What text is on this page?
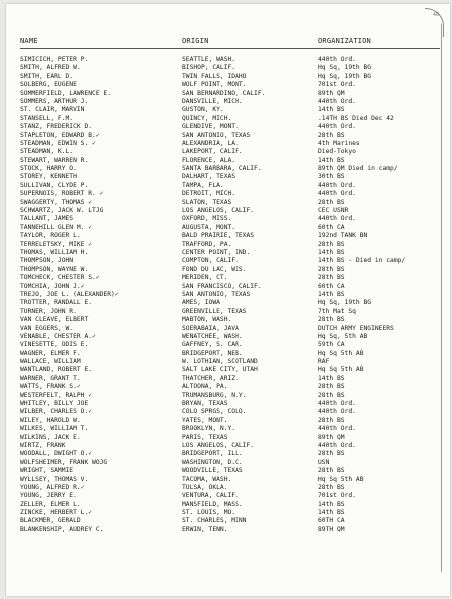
40
NAME	ORIGIN	ORGANIZATION
SIMICICH, PETER P.	SEATTLE, WASH.	440th Ord.
SMITH, ALFRED W.	BISHOP, CALIF.	Hq Sq, 19th BG
SMITH, EARL D.	TWIN FALLS, IDAHO	Hq Sq, 19th BG
SOLBERG, EUGENE	WOLF POINT, MONT.	701st Ord.
SOMMERFIELD, LAWRENCE E.	SAN BERNARDINO, CALIF.	89th QM
SOMMERS, ARTHUR J.	DANSVILLE, MICH.	440th Ord.
ST. CLAIR, MARVIN	GUSTON, KY.	14th BS
STANSELL, F.M.	QUINCY, MICH.	.14TH BS Died Dec 42
STANZ, FREDERICK D.	GLENDIVE, MONT.	440th Ord.
STAPLETON, EDWARD B.✓	SAN ANTONIO, TEXAS	28th BS
STEADMAN, EDWIN S. ✓	ALEXANDRIA, LA.	4th Marines
STEADMAN, K.L.	LAKEPORT, CALIF.	Died-Tokyo
STEWART, WARREN R.	FLORENCE, ALA.	14th BS
STOCK, HARRY O.	SANTA BARBARA, CALIF.	89th QM Died in camp/
STOREY, KENNETH	DALHART, TEXAS	30th BS
SULLIVAN, CLYDE P.	TAMPA, FLA.	440th Ord.
SUPERNOIS, ROBERT R. ✓	DETROIT, MICH.	440th Ord.
SWAGGERTY, THOMAS ✓	SLATON, TEXAS	28th BS
SCHWARTZ, JACK W. LTJG	LOS ANGELOS, CALIF.	CEC USNR
TALLANT, JAMES	OXFORD, MISS.	440th Ord.
TANNEHILL GLEN M. ✓	AUGUSTA, MONT.	60th CA
TAYLOR, ROGER L.	BALD PRAIRIE, TEXAS	192nd TANK BN
TERRELETSKY, MIKE ✓	TRAFFORD, PA.	28th BS
THOMAS, WILLIAM H.	CENTER POINT, IND.	14th BS
THOMPSON, JOHN	COMPTON, CALIF.	14th BS - Died in camp/
THOMPSON, WAYNE W.	FOND DU LAC, WIS.	28th BS
TOMCHECK, CHESTER S.✓	MERIDEN, CT.	28th BS
TOMCHIA, JOHN J.✓	SAN FRANCISCO, CALIF.	60th CA
TREJO, JOE L. (ALEXANDER)✓	SAN ANTONIO, TEXAS	14th BS
TROTTER, RANDALL E.	AMES, IOWA	Hq Sq, 19th BG
TURNER, JOHN R.	GREENVILLE, TEXAS	7th Mat Sq
VAN CLEAVE, ELBERT	MABTON, WASH.	28th BS
VAN EGGERS, W.	SOERABAIA, JAVA	DUTCH ARMY ENGINEERS
VENABLE, CHESTER A.✓	WENATCHEE, WASH.	Hq Sq, 5th AB
VINESETTE, ODIS E.	GAFFNEY, S. CAR.	59th CA
WAGNER, ELMER F.	BRIDGEPORT, NEB.	Hq Sq 5th AB
WALLACE, WILLIAM	W. LOTHIAN, SCOTLAND	RAF
WANTLAND, ROBERT E.	SALT LAKE CITY, UTAH	Hq Sq 5th AB
WARNER, GRANT T.	THATCHER, ARIZ.	14th BS
WATTS, FRANK S.✓	ALTOONA, PA.	28th BS
WESTERFELT, RALPH ✓	TRUMANSBURG, N.Y.	28th BS
WHITLEY, BILLY JOE	BRYAN, TEXAS	440th Ord.
WILBER, CHARLES O.✓	COLO SPRGS, COLO.	440th Ord.
WILEY, HAROLD W.	YATES, MONT.	28th BS
WILKES, WILLIAM T.	BROOKLYN, N.Y.	440th Ord.
WILKINS, JACK E.	PARIS, TEXAS	89th QM
WIRTZ, FRANK	LOS ANGELOS, CALIF.	440th Ord.
WOODALL, DWIGHT O.✓	BRIDGEPORT, ILL.	28th BS
WOLFSHEIMER, FRANK WOJG	WASHINGTON, D.C.	USN
WRIGHT, SAMMIE	WOODVILLE, TEXAS	28th BS
WYLLSEY, THOMAS V.	TACOMA, WASH.	Hq Sq 5th AB
YOUNG, ALFRED R.✓	TULSA, OKLA.	28th BS
YOUNG, JERRY E.	VENTURA, CALIF.	701st Ord.
ZELLER, ELMER L.	MANSFIELD, MASS.	14th BS
ZINCKE, HERBERT L.✓	ST. LOUIS, MO.	14th BS
BLACKMER, GERALD	ST. CHARLES, MINN	60TH CA
BLANKENSHIP, AUDREY C.	ERWIN, TENN.	89TH QM
